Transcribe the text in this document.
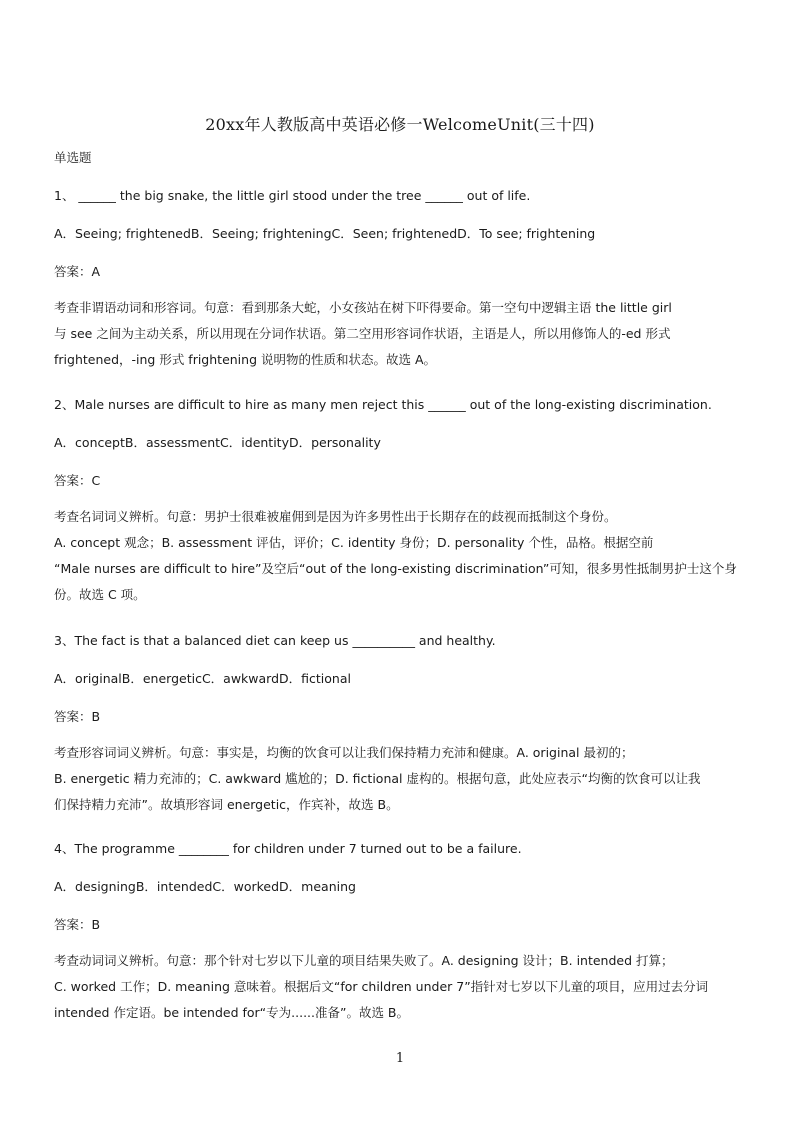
20xx年人教版高中英语必修一WelcomeUnit(三十四)
单选题
1、 ______ the big snake, the little girl stood under the tree ______ out of life.
A．Seeing; frightenedB．Seeing; frighteningC．Seen; frightenedD．To see; frightening
答案：A
考查非谓语动词和形容词。句意：看到那条大蛇，小女孩站在树下吓得要命。第一空句中逻辑主语 the little girl
与 see 之间为主动关系，所以用现在分词作状语。第二空用形容词作状语，主语是人，所以用修饰人的-ed 形式
frightened，-ing 形式 frightening 说明物的性质和状态。故选 A。
2、Male nurses are difficult to hire as many men reject this ______ out of the long-existing discrimination.
A．conceptB．assessmentC．identityD．personality
答案：C
考查名词词义辨析。句意：男护士很难被雇佣到是因为许多男性出于长期存在的歧视而抵制这个身份。
A. concept 观念；B. assessment 评估，评价；C. identity 身份；D. personality 个性，品格。根据空前
“Male nurses are difficult to hire”及空后“out of the long-existing discrimination”可知，很多男性抵制男护士这个身
份。故选 C 项。
3、The fact is that a balanced diet can keep us __________ and healthy.
A．originalB．energeticC．awkwardD．fictional
答案：B
考查形容词词义辨析。句意：事实是，均衡的饮食可以让我们保持精力充沛和健康。A. original 最初的；
B. energetic 精力充沛的；C. awkward 尴尬的；D. fictional 虚构的。根据句意，此处应表示“均衡的饮食可以让我
们保持精力充沛”。故填形容词 energetic，作宾补，故选 B。
4、The programme ________ for children under 7 turned out to be a failure.
A．designingB．intendedC．workedD．meaning
答案：B
考查动词词义辨析。句意：那个针对七岁以下儿童的项目结果失败了。A. designing 设计；B. intended 打算；
C. worked 工作；D. meaning 意味着。根据后文“for children under 7”指针对七岁以下儿童的项目，应用过去分词
intended 作定语。be intended for“专为......准备”。故选 B。
1
